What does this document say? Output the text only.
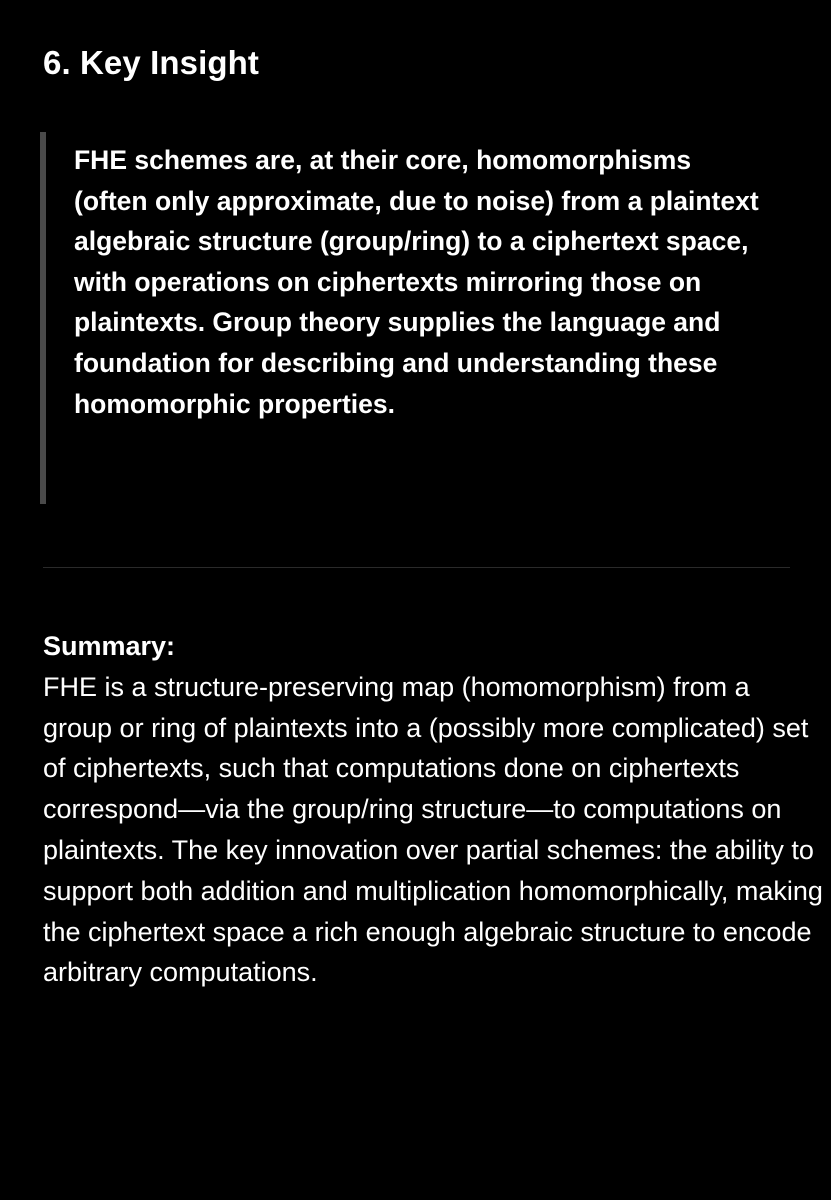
6. Key Insight

FHE schemes are, at their core, homomorphisms (often only approximate, due to noise) from a plaintext algebraic structure (group/ring) to a ciphertext space, with operations on ciphertexts mirroring those on plaintexts. Group theory supplies the language and foundation for describing and understanding these homomorphic properties.

Summary:
FHE is a structure-preserving map (homomorphism) from a group or ring of plaintexts into a (possibly more complicated) set of ciphertexts, such that computations done on ciphertexts correspond—via the group/ring structure—to computations on plaintexts. The key innovation over partial schemes: the ability to support both addition and multiplication homomorphically, making the ciphertext space a rich enough algebraic structure to encode arbitrary computations.
